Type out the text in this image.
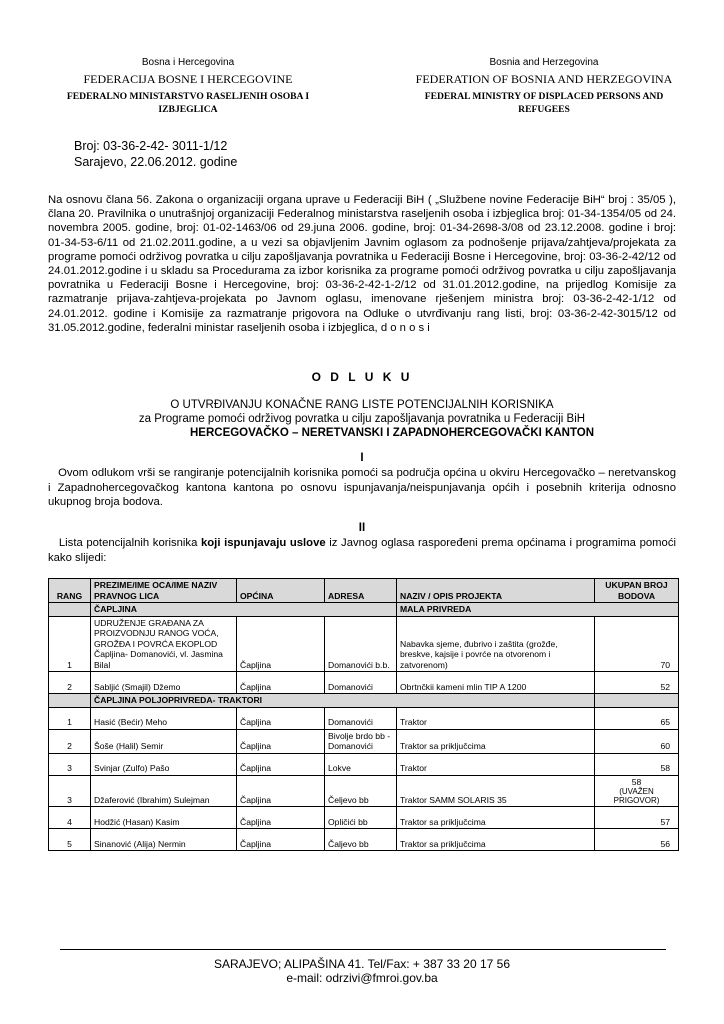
Bosna i Hercegovina
FEDERACIJA BOSNE I HERCEGOVINE
FEDERALNO MINISTARSTVO RASELJENIH OSOBA I
IZBJEGLICA
Bosnia and Herzegovina
FEDERATION OF BOSNIA AND HERZEGOVINA
FEDERAL MINISTRY OF DISPLACED PERSONS AND
REFUGEES
Broj: 03-36-2-42- 3011-1/12
Sarajevo, 22.06.2012. godine
Na osnovu člana 56. Zakona o organizaciji organa uprave u Federaciji BiH ( „Službene novine Federacije BiH“ broj : 35/05 ), člana 20. Pravilnika o unutrašnjoj organizaciji Federalnog ministarstva raseljenih osoba i izbjeglica broj: 01-34-1354/05 od 24. novembra 2005. godine, broj: 01-02-1463/06 od 29.juna 2006. godine, broj: 01-34-2698-3/08 od 23.12.2008. godine i broj: 01-34-53-6/11 od 21.02.2011.godine, a u vezi sa objavljenim Javnim oglasom za podnošenje prijava/zahtjeva/projekata za programe pomoći održivog povratka u cilju zapošljavanja povratnika u Federaciji Bosne i Hercegovine, broj: 03-36-2-42/12 od 24.01.2012.godine i u skladu sa Procedurama za izbor korisnika za programe pomoći održivog povratka u cilju zapošljavanja povratnika u Federaciji Bosne i Hercegovine, broj: 03-36-2-42-1-2/12 od 31.01.2012.godine, na prijedlog Komisije za razmatranje prijava-zahtjeva-projekata po Javnom oglasu, imenovane rješenjem ministra broj: 03-36-2-42-1/12 od 24.01.2012. godine i Komisije za razmatranje prigovora na Odluke o utvrđivanju rang listi, broj: 03-36-2-42-3015/12 od 31.05.2012.godine, federalni ministar raseljenih osoba i izbjeglica, d o n o s i
O D L U K U
O UTVRĐIVANJU KONAČNE RANG LISTE POTENCIJALNIH KORISNIKA
za Programe pomoći održivog povratka u cilju zapošljavanja povratnika u Federaciji BiH
HERCEGOVAČKO – NERETVANSKI I ZAPADNOHERCEGOVAČKI KANTON
I
Ovom odlukom vrši se rangiranje potencijalnih korisnika pomoći sa područja općina u okviru Hercegovačko – neretvanskog i Zapadnohercegovačkog kantona kantona po osnovu ispunjavanja/neispunjavanja općih i posebnih kriterija odnosno ukupnog broja bodova.
II
Lista potencijalnih korisnika koji ispunjavaju uslove iz Javnog oglasa raspoređeni prema općinama i programima pomoći kako slijedi:
RANG	PREZIME/IME OCA/IME NAZIV PRAVNOG LICA	OPĆINA	ADRESA	NAZIV / OPIS PROJEKTA	UKUPAN BROJ BODOVA
	ČAPLJINA			MALA PRIVREDA	
1	UDRUŽENJE GRAĐANA ZA PROIZVODNJU RANOG VOĆA, GROŽĐA I POVRĆA EKOPLOD Čapljina- Domanovići, vl. Jasmina Bilal	Čapljina	Domanovići b.b.	Nabavka sjeme, đubrivo i zaštita (grožđe, breskve, kajsije i povrće na otvorenom i zatvorenom)	70
2	Sabljić (Smajil) Džemo	Čapljina	Domanovići	Obrtnčkii kameni mlin TIP A 1200	52
	ČAPLJINA POLJOPRIVREDA- TRAKTORI				
1	Hasić (Bećir) Meho	Čapljina	Domanovići	Traktor	65
2	Šoše (Halil) Semir	Čapljina	Bivolje brdo bb - Domanovići	Traktor sa priključcima	60
3	Svinjar (Zulfo) Pašo	Čapljina	Lokve	Traktor	58
3	Džaferović (Ibrahim) Sulejman	Čapljina	Čeljevo bb	Traktor SAMM SOLARIS 35	58
(UVAŽEN PRIGOVOR)

4	Hodžić (Hasan) Kasim	Čapljina	Opličići bb	Traktor sa priključcima	57
5	Sinanović (Alija) Nermin	Čapljina	Čaljevo bb	Traktor sa priključcima	56
SARAJEVO; ALIPAŠINA 41. Tel/Fax: + 387 33 20 17 56
e-mail: odrzivi@fmroi.gov.ba
